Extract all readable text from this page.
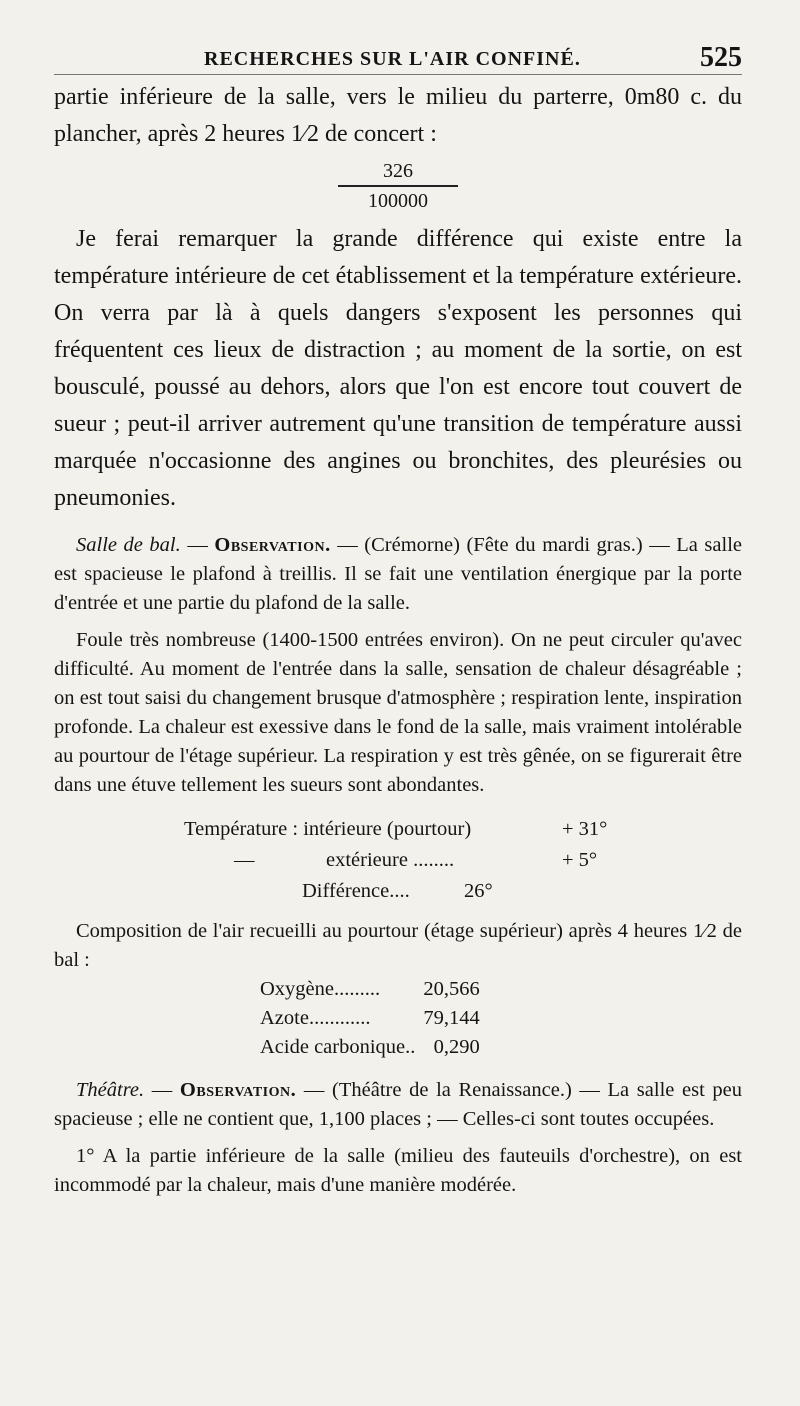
RECHERCHES SUR L'AIR CONFINÉ.	525

partie inférieure de la salle, vers le milieu du parterre, 0m80 c. du plancher, après 2 heures 1⁄2 de concert :

326
100000

Je ferai remarquer la grande différence qui existe entre la température intérieure de cet établissement et la température extérieure. On verra par là à quels dangers s'exposent les personnes qui fréquentent ces lieux de distraction ; au moment de la sortie, on est bousculé, poussé au dehors, alors que l'on est encore tout couvert de sueur ; peut-il arriver autrement qu'une transition de température aussi marquée n'occasionne des angines ou bronchites, des pleurésies ou pneumonies.

Salle de bal. — Observation. — (Crémorne) (Fête du mardi gras.) — La salle est spacieuse le plafond à treillis. Il se fait une ventilation énergique par la porte d'entrée et une partie du plafond de la salle.

Foule très nombreuse (1400-1500 entrées environ). On ne peut circuler qu'avec difficulté. Au moment de l'entrée dans la salle, sensation de chaleur désagréable ; on est tout saisi du changement brusque d'atmosphère ; respiration lente, inspiration profonde. La chaleur est exessive dans le fond de la salle, mais vraiment intolérable au pourtour de l'étage supérieur. La respiration y est très gênée, on se figurerait être dans une étuve tellement les sueurs sont abondantes.

Température : intérieure (pourtour)	+ 31°
—	extérieure ........	+ 5°
Différence....	26°

Composition de l'air recueilli au pourtour (étage supérieur) après 4 heures 1⁄2 de bal :

Oxygène.........	20,566
Azote............	79,144
Acide carbonique..	0,290

Théâtre. — Observation. — (Théâtre de la Renaissance.) — La salle est peu spacieuse ; elle ne contient que, 1,100 places ; — Celles-ci sont toutes occupées.

1° A la partie inférieure de la salle (milieu des fauteuils d'orchestre), on est incommodé par la chaleur, mais d'une manière modérée.
